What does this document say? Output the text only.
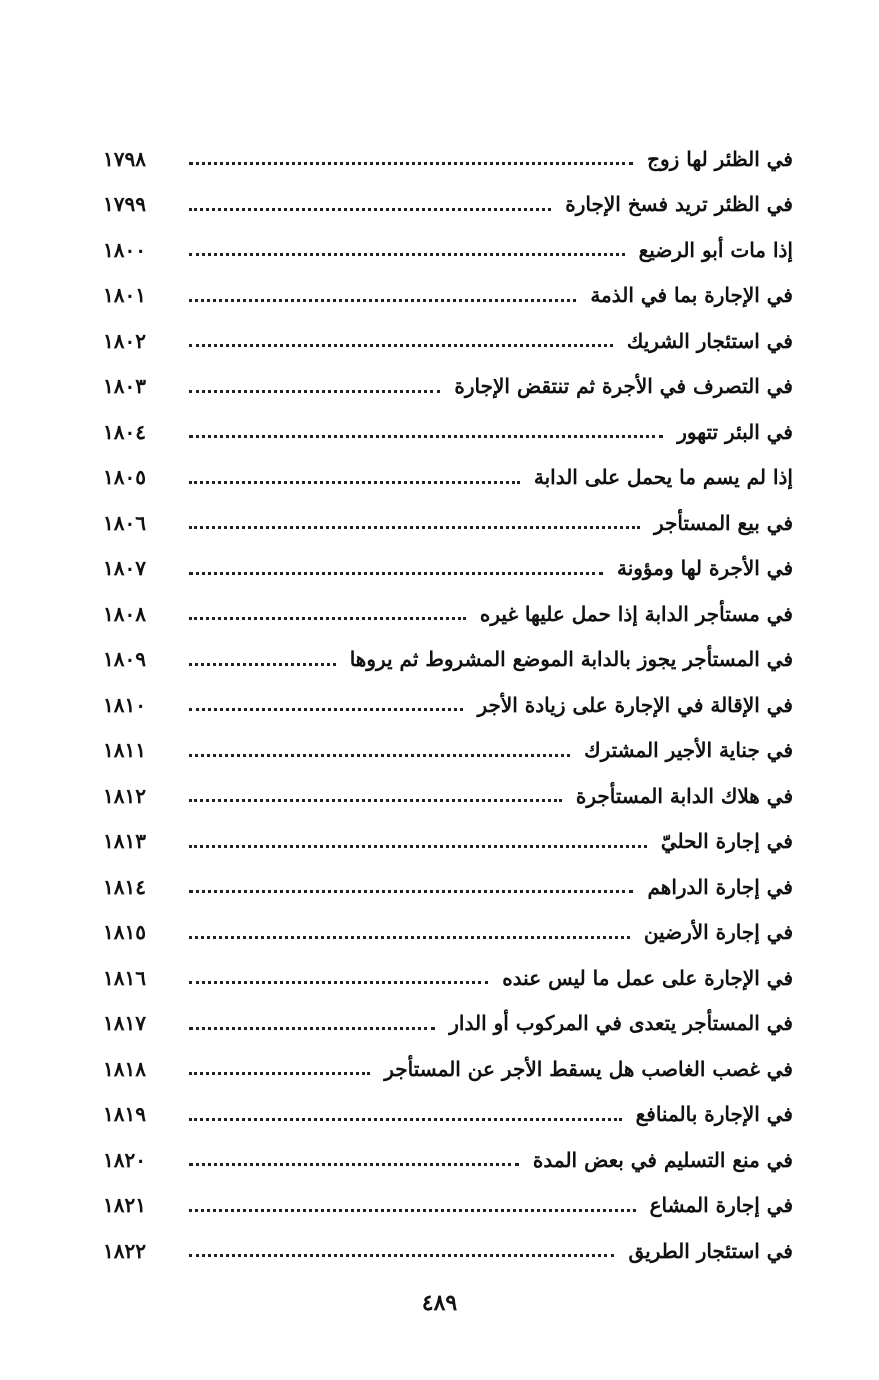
١٧٩٨	في الظئر لها زوج
١٧٩٩	في الظئر تريد فسخ الإجارة
١٨٠٠	إذا مات أبو الرضيع
١٨٠١	في الإجارة بما في الذمة
١٨٠٢	في استئجار الشريك
١٨٠٣	في التصرف في الأجرة ثم تنتقض الإجارة
١٨٠٤	في البئر تتهور
١٨٠٥	إذا لم يسم ما يحمل على الدابة
١٨٠٦	في بيع المستأجر
١٨٠٧	في الأجرة لها ومؤونة
١٨٠٨	في مستأجر الدابة إذا حمل عليها غيره
١٨٠٩	في المستأجر يجوز بالدابة الموضع المشروط ثم يروها
١٨١٠	في الإقالة في الإجارة على زيادة الأجر
١٨١١	في جناية الأجير المشترك
١٨١٢	في هلاك الدابة المستأجرة
١٨١٣	في إجارة الحليّ
١٨١٤	في إجارة الدراهم
١٨١٥	في إجارة الأرضين
١٨١٦	في الإجارة على عمل ما ليس عنده
١٨١٧	في المستأجر يتعدى في المركوب أو الدار
١٨١٨	في غصب الغاصب هل يسقط الأجر عن المستأجر
١٨١٩	في الإجارة بالمنافع
١٨٢٠	في منع التسليم في بعض المدة
١٨٢١	في إجارة المشاع
١٨٢٢	في استئجار الطريق
٤٨٩
